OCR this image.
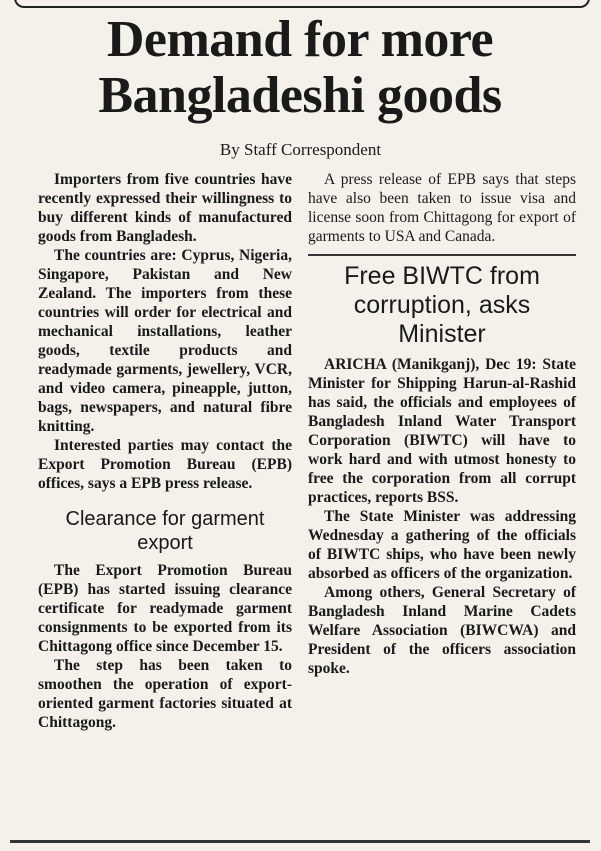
Demand for more Bangladeshi goods

By Staff Correspondent

Importers from five countries have recently expressed their willingness to buy different kinds of manufactured goods from Bangladesh.

The countries are: Cyprus, Nigeria, Singapore, Pakistan and New Zealand. The importers from these countries will order for electrical and mechanical installations, leather goods, textile products and readymade garments, jewellery, VCR, and video camera, pineapple, jutton, bags, newspapers, and natural fibre knitting.

Interested parties may contact the Export Promotion Bureau (EPB) offices, says a EPB press release.

Clearance for garment export

The Export Promotion Bureau (EPB) has started issuing clearance certificate for readymade garment consignments to be exported from its Chittagong office since December 15.

The step has been taken to smoothen the operation of export-oriented garment factories situated at Chittagong.

A press release of EPB says that steps have also been taken to issue visa and license soon from Chittagong for export of garments to USA and Canada.

Free BIWTC from corruption, asks Minister

ARICHA (Manikganj), Dec 19: State Minister for Shipping Harun-al-Rashid has said, the officials and employees of Bangladesh Inland Water Transport Corporation (BIWTC) will have to work hard and with utmost honesty to free the corporation from all corrupt practices, reports BSS.

The State Minister was addressing Wednesday a gathering of the officials of BIWTC ships, who have been newly absorbed as officers of the organization.

Among others, General Secretary of Bangladesh Inland Marine Cadets Welfare Association (BIWCWA) and President of the officers association spoke.
